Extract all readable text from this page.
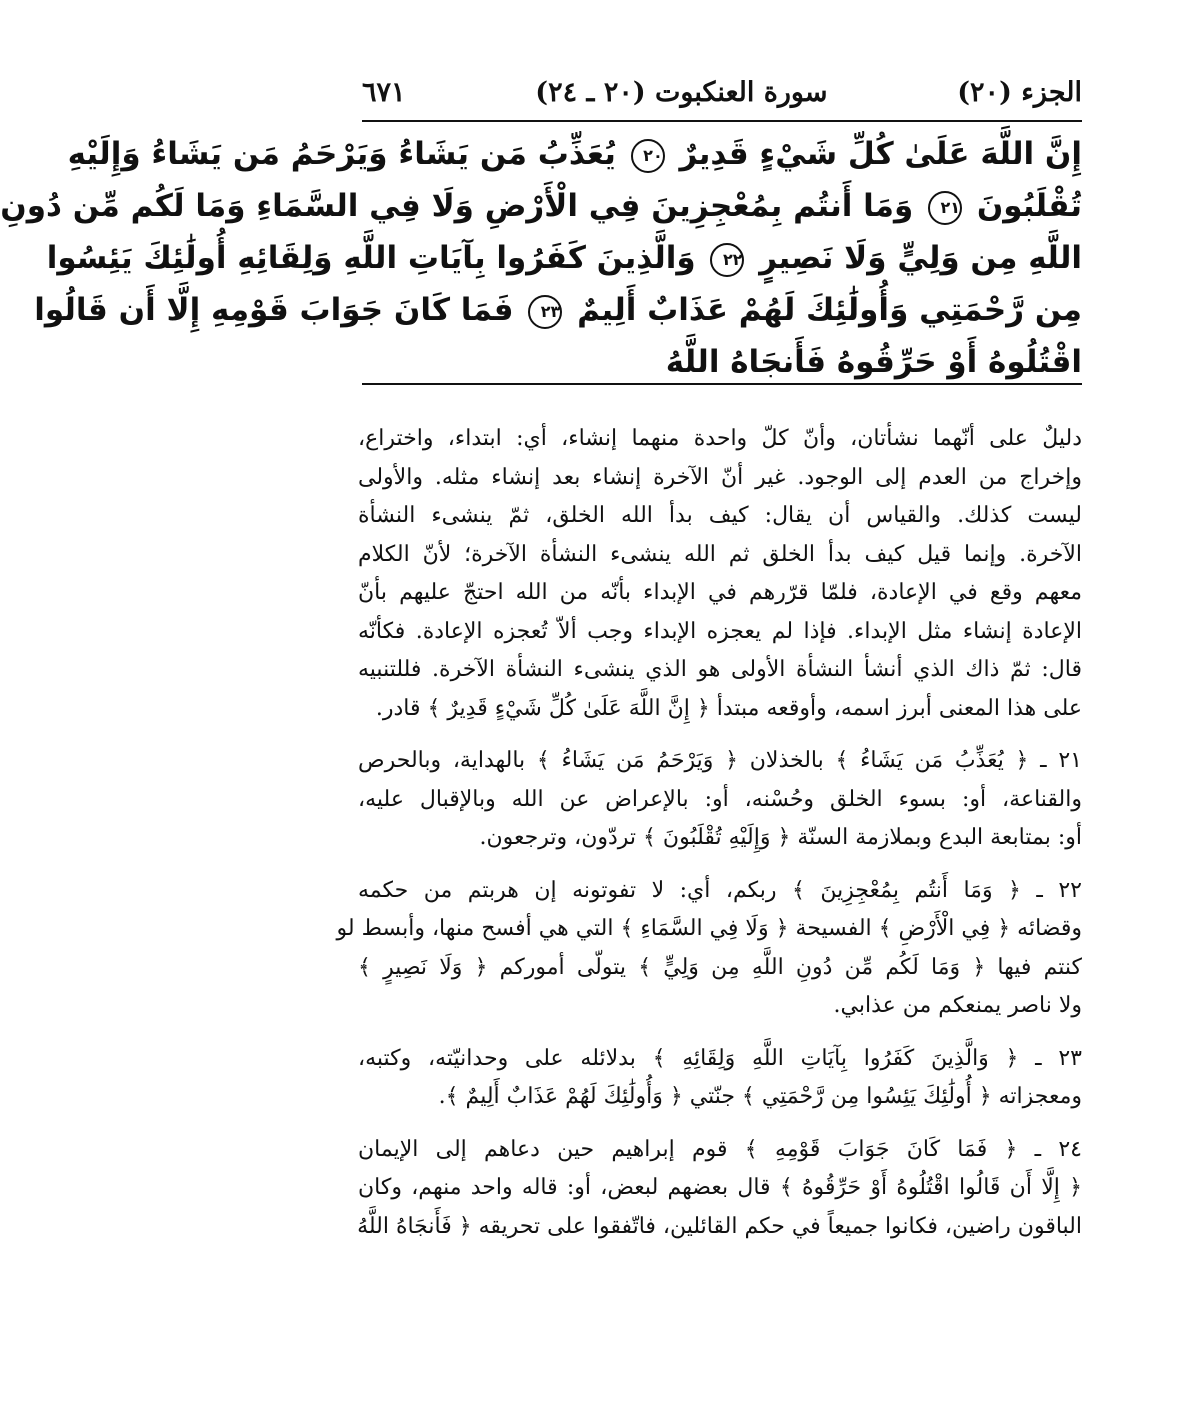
الجزء (٢٠)
سورة العنكبوت (٢٠ ـ ٢٤)
٦٧١
إِنَّ اللَّهَ عَلَىٰ كُلِّ شَيْءٍ قَدِيرٌ ٢٠ يُعَذِّبُ مَن يَشَاءُ وَيَرْحَمُ مَن يَشَاءُ وَإِلَيْهِ
تُقْلَبُونَ ٢١ وَمَا أَنتُم بِمُعْجِزِينَ فِي الْأَرْضِ وَلَا فِي السَّمَاءِ وَمَا لَكُم مِّن دُونِ
اللَّهِ مِن وَلِيٍّ وَلَا نَصِيرٍ ٢٢ وَالَّذِينَ كَفَرُوا بِآيَاتِ اللَّهِ وَلِقَائِهِ أُولَٰئِكَ يَئِسُوا
مِن رَّحْمَتِي وَأُولَٰئِكَ لَهُمْ عَذَابٌ أَلِيمٌ ٢٣ فَمَا كَانَ جَوَابَ قَوْمِهِ إِلَّا أَن قَالُوا
اقْتُلُوهُ أَوْ حَرِّقُوهُ فَأَنجَاهُ اللَّهُ
دليلٌ على أنّهما نشأتان، وأنّ كلّ واحدة منهما إنشاء، أي: ابتداء، واختراع،
وإخراج من العدم إلى الوجود. غير أنّ الآخرة إنشاء بعد إنشاء مثله. والأولى
ليست كذلك. والقياس أن يقال: كيف بدأ الله الخلق، ثمّ ينشىء النشأة
الآخرة. وإنما قيل كيف بدأ الخلق ثم الله ينشىء النشأة الآخرة؛ لأنّ الكلام
معهم وقع في الإعادة، فلمّا قرّرهم في الإبداء بأنّه من الله احتجّ عليهم بأنّ
الإعادة إنشاء مثل الإبداء. فإذا لم يعجزه الإبداء وجب ألاّ تُعجزه الإعادة. فكأنّه
قال: ثمّ ذاك الذي أنشأ النشأة الأولى هو الذي ينشىء النشأة الآخرة. فللتنبيه
على هذا المعنى أبرز اسمه، وأوقعه مبتدأ ﴿ إِنَّ اللَّهَ عَلَىٰ كُلِّ شَيْءٍ قَدِيرٌ ﴾ قادر.
٢١ ـ ﴿ يُعَذِّبُ مَن يَشَاءُ ﴾ بالخذلان ﴿ وَيَرْحَمُ مَن يَشَاءُ ﴾ بالهداية، وبالحرص
والقناعة، أو: بسوء الخلق وحُسْنه، أو: بالإعراض عن الله وبالإقبال عليه،
أو: بمتابعة البدع وبملازمة السنّة ﴿ وَإِلَيْهِ تُقْلَبُونَ ﴾ تردّون، وترجعون.
٢٢ ـ ﴿ وَمَا أَنتُم بِمُعْجِزِينَ ﴾ ربكم، أي: لا تفوتونه إن هربتم من حكمه
وقضائه ﴿ فِي الْأَرْضِ ﴾ الفسيحة ﴿ وَلَا فِي السَّمَاءِ ﴾ التي هي أفسح منها، وأبسط لو
كنتم فيها ﴿ وَمَا لَكُم مِّن دُونِ اللَّهِ مِن وَلِيٍّ ﴾ يتولّى أموركم ﴿ وَلَا نَصِيرٍ ﴾
ولا ناصر يمنعكم من عذابي.
٢٣ ـ ﴿ وَالَّذِينَ كَفَرُوا بِآيَاتِ اللَّهِ وَلِقَائِهِ ﴾ بدلائله على وحدانيّته، وكتبه،
ومعجزاته ﴿ أُولَٰئِكَ يَئِسُوا مِن رَّحْمَتِي ﴾ جنّتي ﴿ وَأُولَٰئِكَ لَهُمْ عَذَابٌ أَلِيمٌ ﴾.
٢٤ ـ ﴿ فَمَا كَانَ جَوَابَ قَوْمِهِ ﴾ قوم إبراهيم حين دعاهم إلى الإيمان
﴿ إِلَّا أَن قَالُوا اقْتُلُوهُ أَوْ حَرِّقُوهُ ﴾ قال بعضهم لبعض، أو: قاله واحد منهم، وكان
الباقون راضين، فكانوا جميعاً في حكم القائلين، فاتّفقوا على تحريقه ﴿ فَأَنجَاهُ اللَّهُ
